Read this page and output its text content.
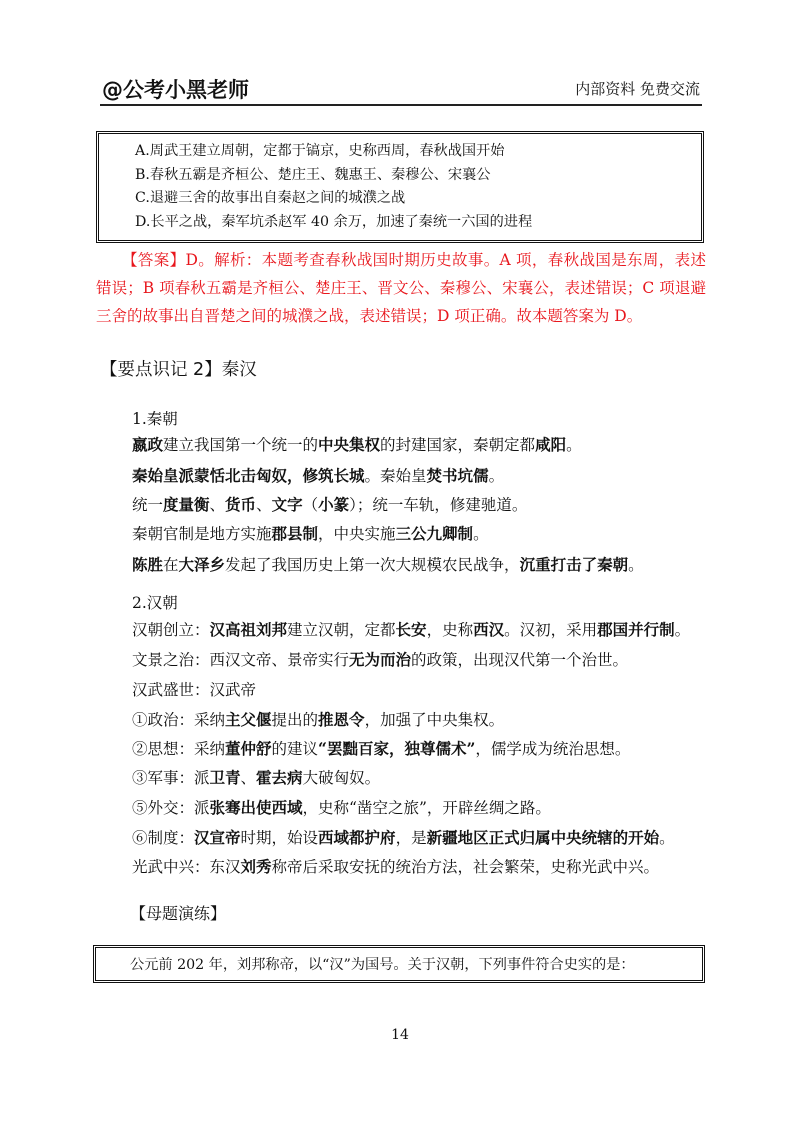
@公考小黑老师	内部资料 免费交流
A.周武王建立周朝，定都于镐京，史称西周，春秋战国开始
B.春秋五霸是齐桓公、楚庄王、魏惠王、秦穆公、宋襄公
C.退避三舍的故事出自秦赵之间的城濮之战
D.长平之战，秦军坑杀赵军 40 余万，加速了秦统一六国的进程
【答案】D。解析：本题考查春秋战国时期历史故事。A 项，春秋战国是东周，表述错误；B 项春秋五霸是齐桓公、楚庄王、晋文公、秦穆公、宋襄公，表述错误；C 项退避三舍的故事出自晋楚之间的城濮之战，表述错误；D 项正确。故本题答案为 D。
【要点识记 2】秦汉
1.秦朝
嬴政建立我国第一个统一的中央集权的封建国家，秦朝定都咸阳。
秦始皇派蒙恬北击匈奴，修筑长城。秦始皇焚书坑儒。
统一度量衡、货币、文字（小篆）；统一车轨，修建驰道。
秦朝官制是地方实施郡县制，中央实施三公九卿制。
陈胜在大泽乡发起了我国历史上第一次大规模农民战争，沉重打击了秦朝。
2.汉朝
汉朝创立：汉高祖刘邦建立汉朝，定都长安，史称西汉。汉初，采用郡国并行制。
文景之治：西汉文帝、景帝实行无为而治的政策，出现汉代第一个治世。
汉武盛世：汉武帝
①政治：采纳主父偃提出的推恩令，加强了中央集权。
②思想：采纳董仲舒的建议“罢黜百家，独尊儒术”，儒学成为统治思想。
③军事：派卫青、霍去病大破匈奴。
⑤外交：派张骞出使西域，史称“凿空之旅”，开辟丝绸之路。
⑥制度：汉宣帝时期，始设西域都护府，是新疆地区正式归属中央统辖的开始。
光武中兴：东汉刘秀称帝后采取安抚的统治方法，社会繁荣，史称光武中兴。
【母题演练】
公元前 202 年，刘邦称帝，以“汉”为国号。关于汉朝，下列事件符合史实的是：
14
